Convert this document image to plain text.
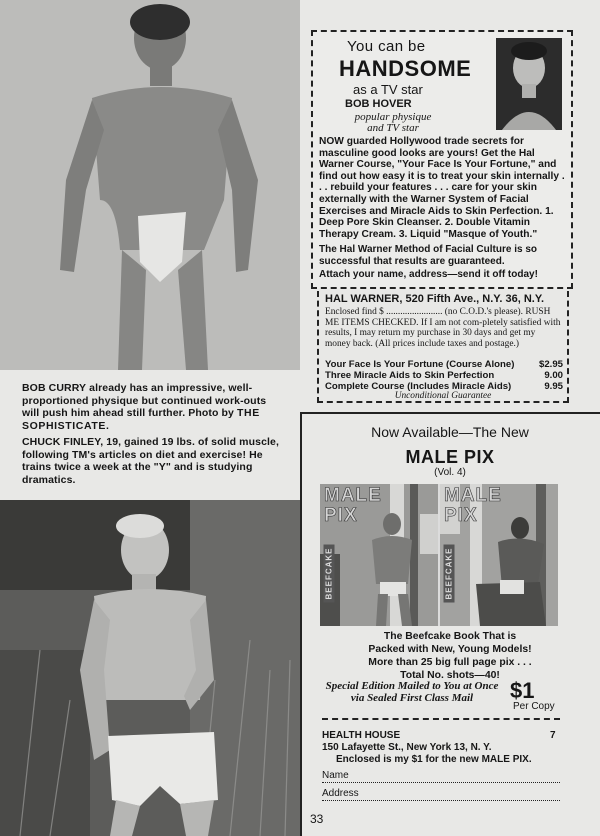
BOB CURRY already has an impressive, well-proportioned physique but continued work-outs will push him ahead still further. Photo by THE SOPHISTICATE.
CHUCK FINLEY, 19, gained 19 lbs. of solid muscle, following TM's articles on diet and exercise! He trains twice a week at the "Y" and is studying dramatics.
You can be
HANDSOME
as a TV star
BOB HOVER
popular physique
and TV star
NOW guarded Hollywood trade secrets for masculine good looks are yours! Get the Hal Warner Course, "Your Face Is Your Fortune," and find out how easy it is to treat your skin internally . . . rebuild your features . . . care for your skin externally with the Warner System of Facial Exercises and Miracle Aids to Skin Perfection. 1. Deep Pore Skin Cleanser. 2. Double Vitamin Therapy Cream. 3. Liquid "Masque of Youth."
The Hal Warner Method of Facial Culture is so successful that results are guaranteed.
Attach your name, address—send it off today!
HAL WARNER, 520 Fifth Ave., N.Y. 36, N.Y.
Enclosed find $ ........................ (no C.O.D.'s please). RUSH ME ITEMS CHECKED. If I am not com-pletely satisfied with results, I may return my purchase in 30 days and get my money back. (All prices include taxes and postage.)
Your Face Is Your Fortune (Course Alone)	$2.95
Three Miracle Aids to Skin Perfection	9.00
Complete Course (Includes Miracle Aids)	9.95
Unconditional Guarantee
Now Available—The New
MALE PIX
(Vol. 4)
MALE
PIX
BEEFCAKE
MALE
PIX
BEEFCAKE
The Beefcake Book That is
Packed with New, Young Models!
More than 25 big full page pix . . .
Total No. shots—40!
Special Edition Mailed to You at Once via Sealed First Class Mail	$1
Per Copy
HEALTH HOUSE	7
150 Lafayette St., New York 13, N. Y.
Enclosed is my $1 for the new MALE PIX.
Name
Address
33
